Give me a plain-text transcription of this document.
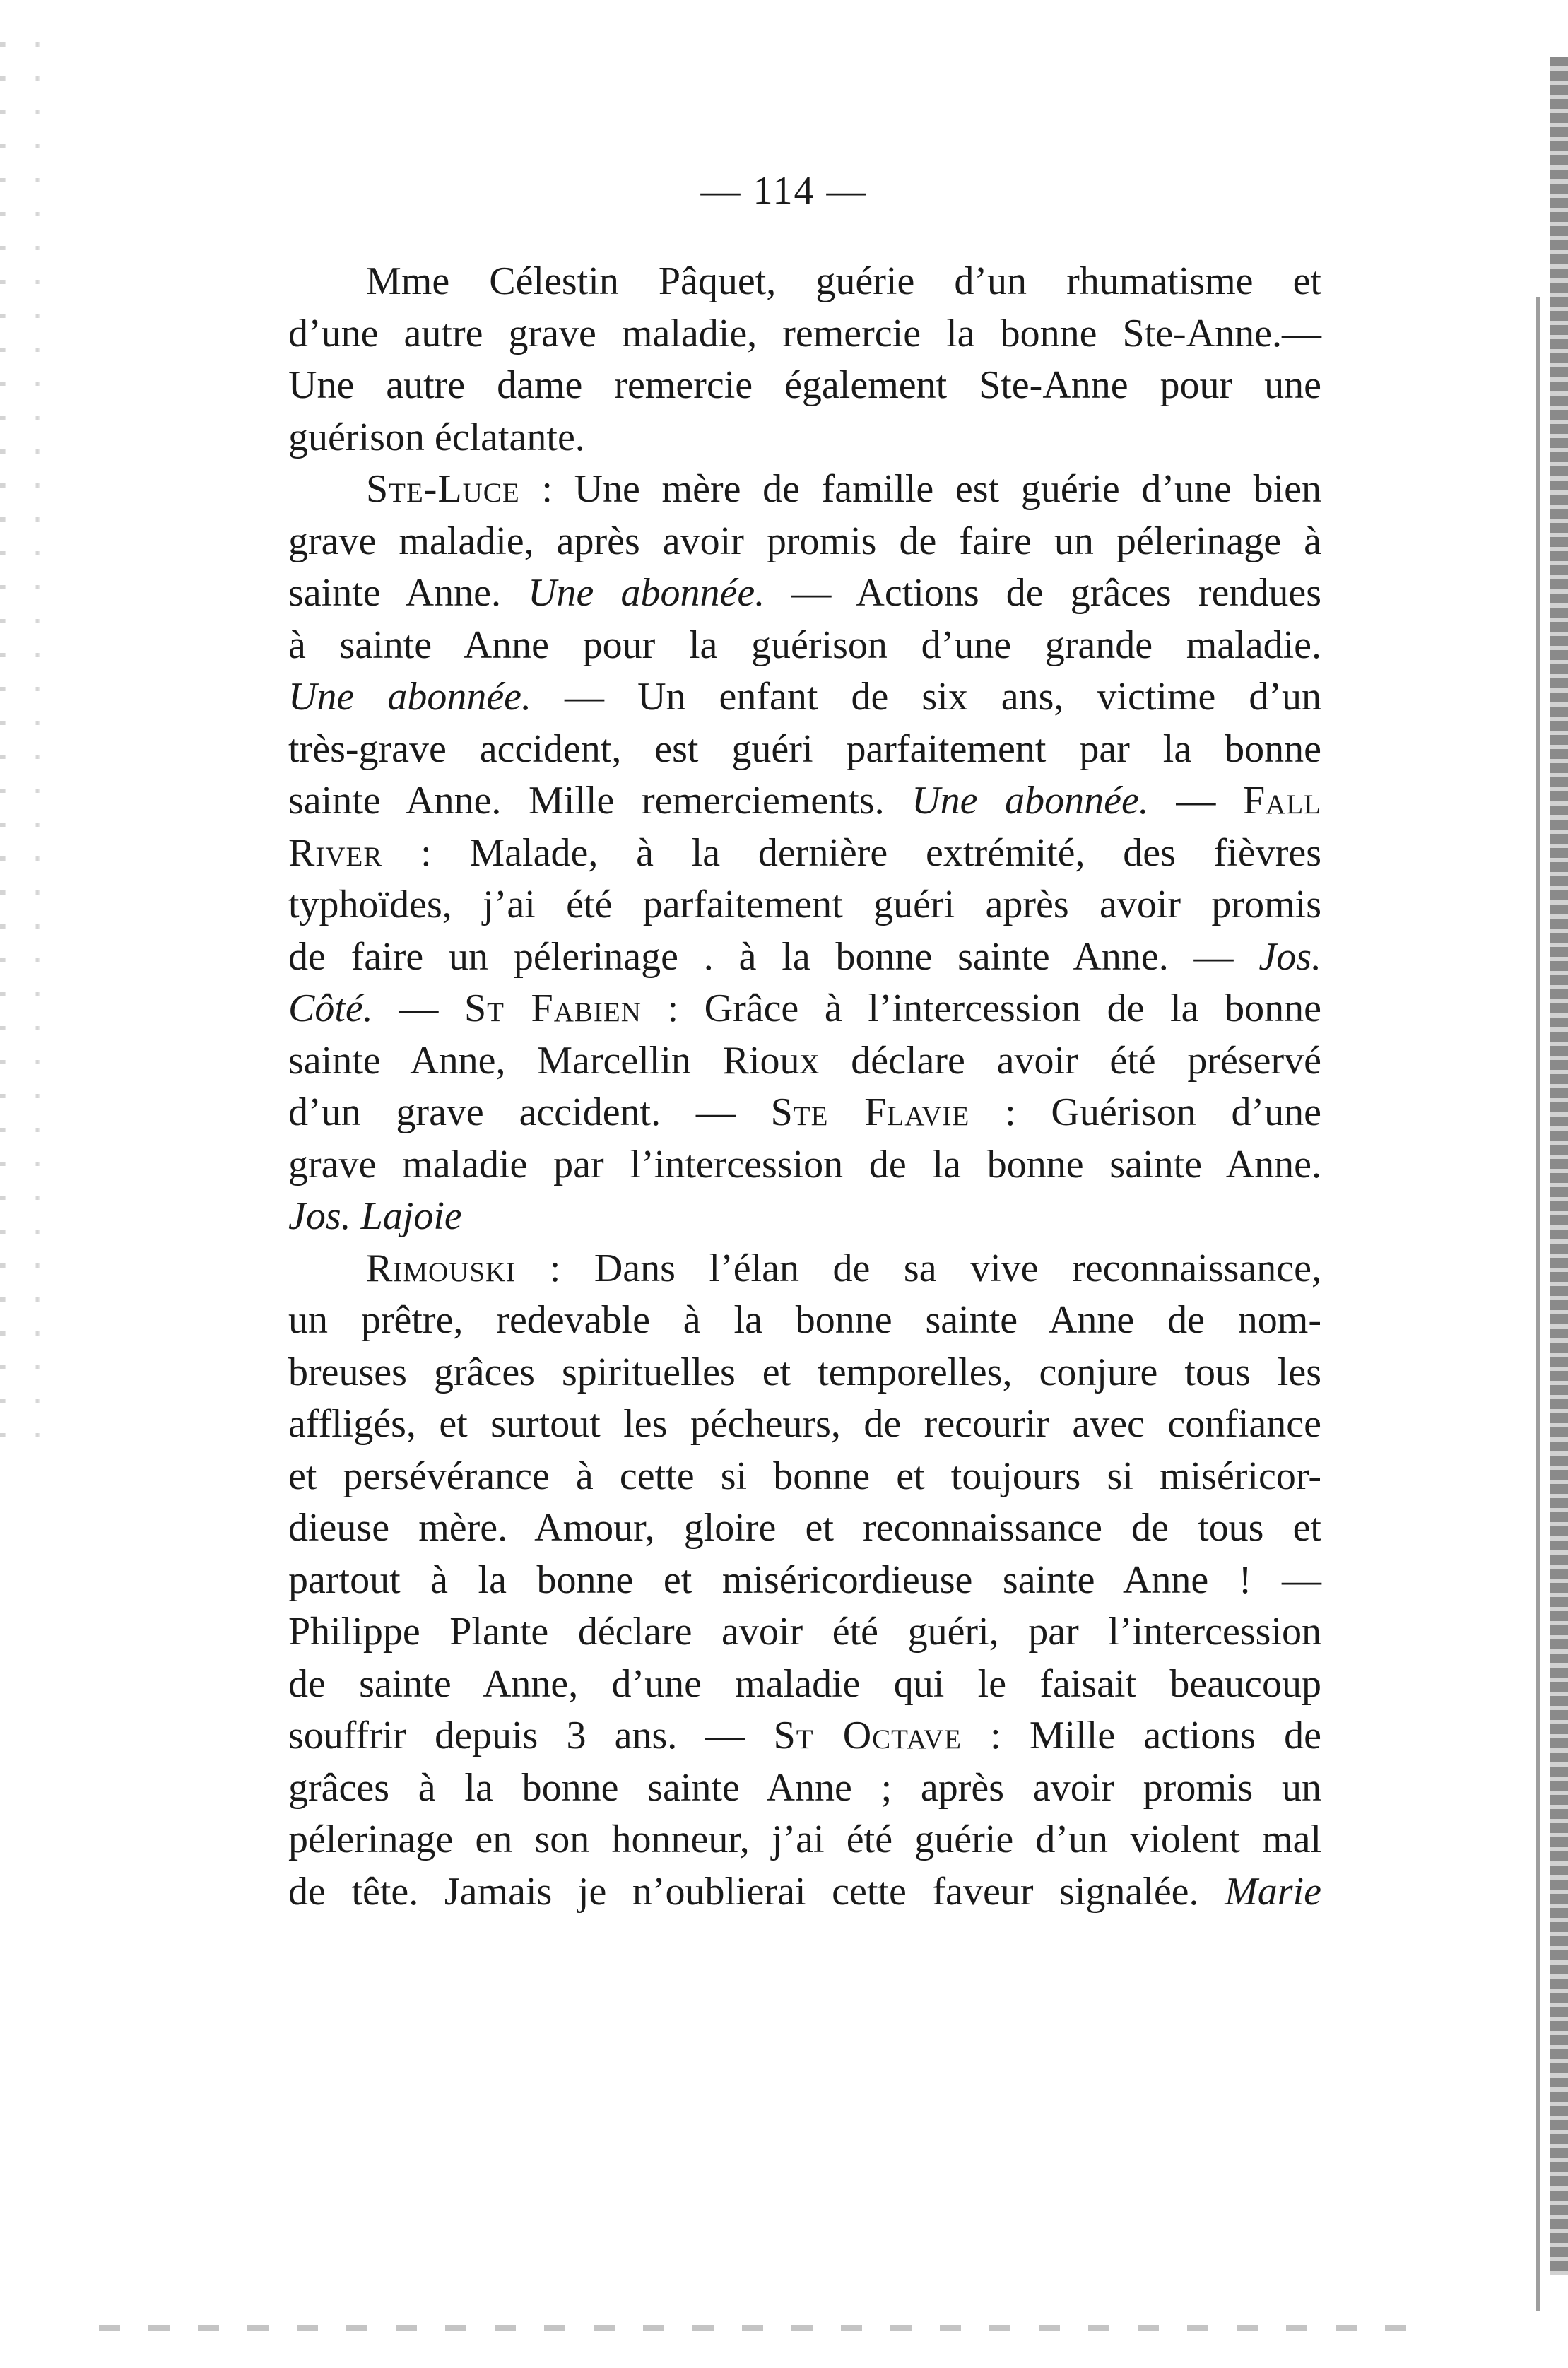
— 114 —
Mme Célestin Pâquet, guérie d’un rhumatisme et
d’une autre grave maladie, remercie la bonne Ste-Anne.—
Une autre dame remercie également Ste-Anne pour une
guérison éclatante.
Ste-Luce : Une mère de famille est guérie d’une bien
grave maladie, après avoir promis de faire un pélerinage à
sainte Anne. Une abonnée. — Actions de grâces rendues
à sainte Anne pour la guérison d’une grande maladie.
Une abonnée. — Un enfant de six ans, victime d’un
très-grave accident, est guéri parfaitement par la bonne
sainte Anne. Mille remerciements. Une abonnée. — Fall
River : Malade, à la dernière extrémité, des fièvres
typhoïdes, j’ai été parfaitement guéri après avoir promis
de faire un pélerinage . à la bonne sainte Anne. — Jos.
Côté. — St Fabien : Grâce à l’intercession de la bonne
sainte Anne, Marcellin Rioux déclare avoir été préservé
d’un grave accident. — Ste Flavie : Guérison d’une
grave maladie par l’intercession de la bonne sainte Anne.
Jos. Lajoie
Rimouski : Dans l’élan de sa vive reconnaissance,
un prêtre, redevable à la bonne sainte Anne de nom-
breuses grâces spirituelles et temporelles, conjure tous les
affligés, et surtout les pécheurs, de recourir avec confiance
et persévérance à cette si bonne et toujours si miséricor-
dieuse mère. Amour, gloire et reconnaissance de tous et
partout à la bonne et miséricordieuse sainte Anne ! —
Philippe Plante déclare avoir été guéri, par l’intercession
de sainte Anne, d’une maladie qui le faisait beaucoup
souffrir depuis 3 ans. — St Octave : Mille actions de
grâces à la bonne sainte Anne ; après avoir promis un
pélerinage en son honneur, j’ai été guérie d’un violent mal
de tête. Jamais je n’oublierai cette faveur signalée. Marie
